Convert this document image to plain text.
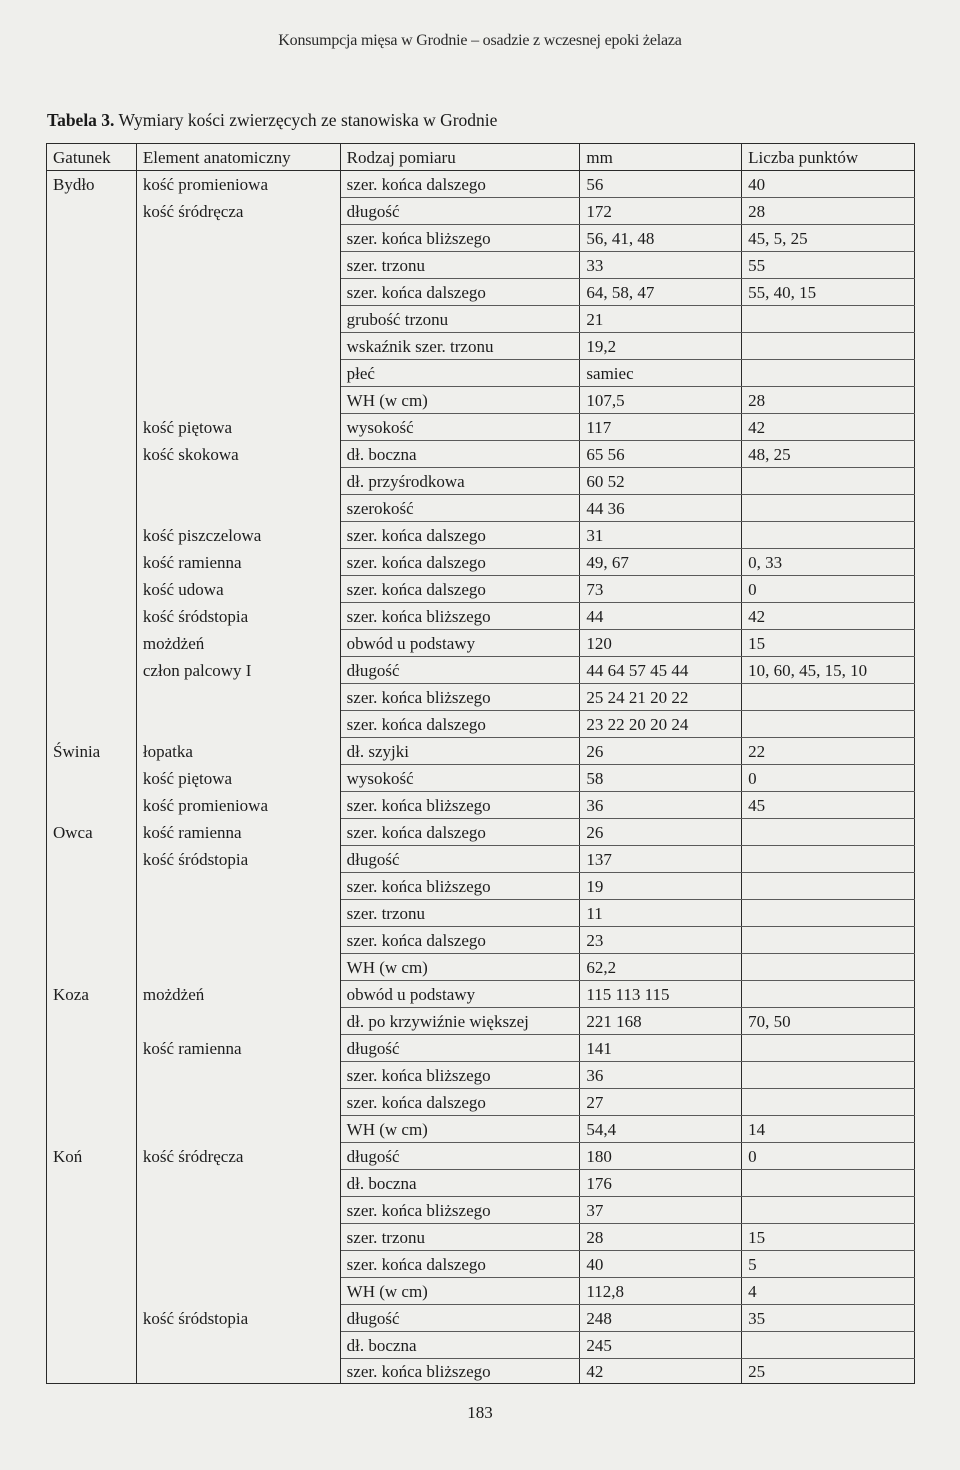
Konsumpcja mięsa w Grodnie – osadzie z wczesnej epoki żelaza
Tabela 3. Wymiary kości zwierzęcych ze stanowiska w Grodnie
Gatunek	Element anatomiczny	Rodzaj pomiaru	mm	Liczba punktów
Bydło	kość promieniowa	szer. końca dalszego	56	40
	kość śródręcza	długość	172	28
		szer. końca bliższego	56, 41, 48	45, 5, 25
		szer. trzonu	33	55
		szer. końca dalszego	64, 58, 47	55, 40, 15
		grubość trzonu	21	
		wskaźnik szer. trzonu	19,2	
		płeć	samiec	
		WH (w cm)	107,5	28
	kość piętowa	wysokość	117	42
	kość skokowa	dł. boczna	65 56	48, 25
		dł. przyśrodkowa	60 52	
		szerokość	44 36	
	kość piszczelowa	szer. końca dalszego	31	
	kość ramienna	szer. końca dalszego	49, 67	0, 33
	kość udowa	szer. końca dalszego	73	0
	kość śródstopia	szer. końca bliższego	44	42
	możdżeń	obwód u podstawy	120	15
	człon palcowy I	długość	44 64 57 45 44	10, 60, 45, 15, 10
		szer. końca bliższego	25 24 21 20 22	
		szer. końca dalszego	23 22 20 20 24	
Świnia	łopatka	dł. szyjki	26	22
	kość piętowa	wysokość	58	0
	kość promieniowa	szer. końca bliższego	36	45
Owca	kość ramienna	szer. końca dalszego	26	
	kość śródstopia	długość	137	
		szer. końca bliższego	19	
		szer. trzonu	11	
		szer. końca dalszego	23	
		WH (w cm)	62,2	
Koza	możdżeń	obwód u podstawy	115 113 115	
		dł. po krzywiźnie większej	221 168	70, 50
	kość ramienna	długość	141	
		szer. końca bliższego	36	
		szer. końca dalszego	27	
		WH (w cm)	54,4	14
Koń	kość śródręcza	długość	180	0
		dł. boczna	176	
		szer. końca bliższego	37	
		szer. trzonu	28	15
		szer. końca dalszego	40	5
		WH (w cm)	112,8	4
	kość śródstopia	długość	248	35
		dł. boczna	245	
		szer. końca bliższego	42	25
183
